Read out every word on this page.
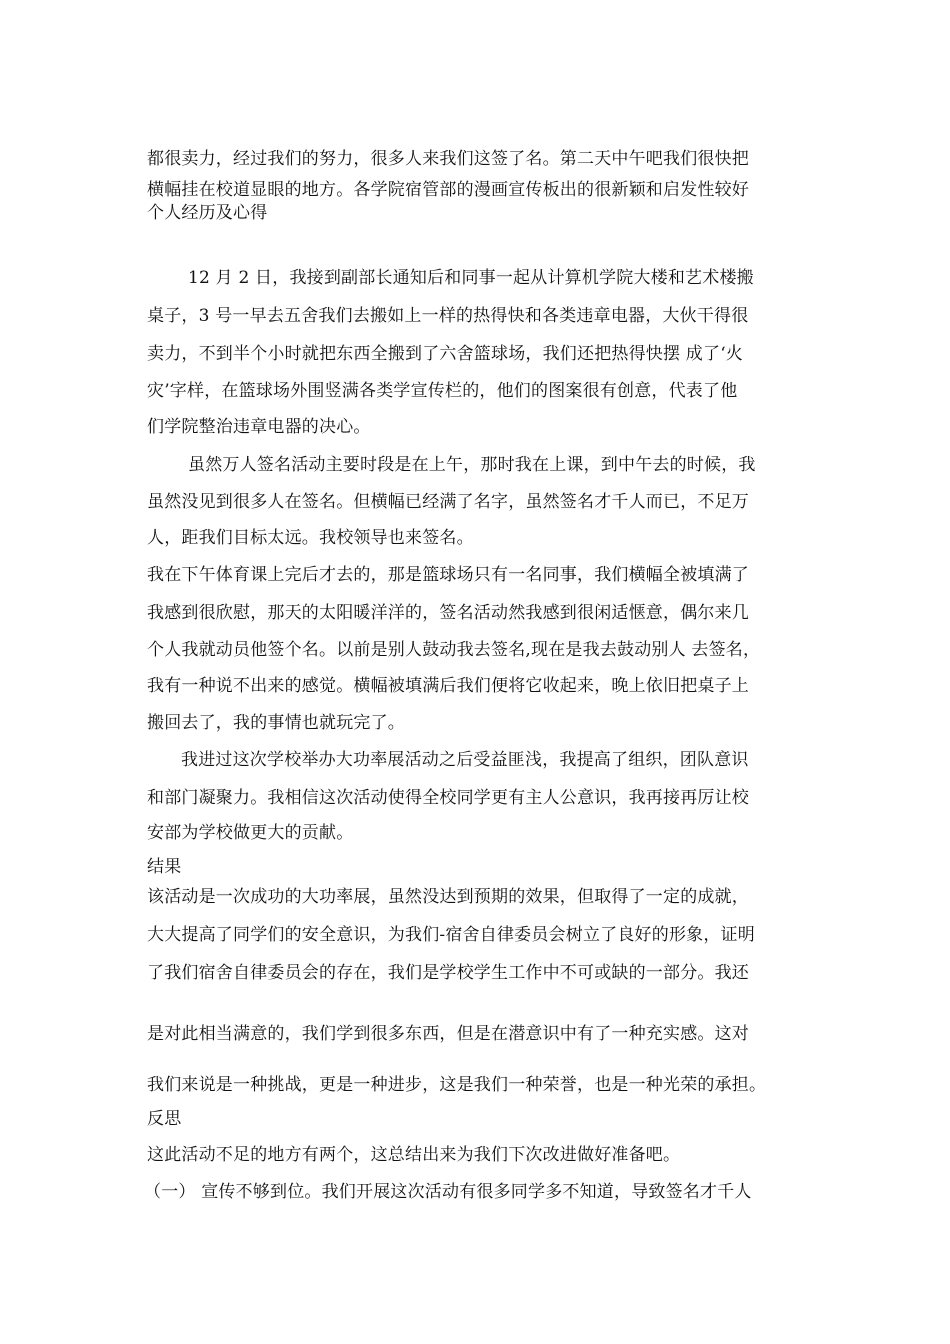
都很卖力，经过我们的努力，很多人来我们这签了名。第二天中午吧我们很快把
横幅挂在校道显眼的地方。各学院宿管部的漫画宣传板出的很新颖和启发性较好
个人经历及心得
12 月 2 日，我接到副部长通知后和同事一起从计算机学院大楼和艺术楼搬
桌子，3 号一早去五舍我们去搬如上一样的热得快和各类违章电器，大伙干得很
卖力，不到半个小时就把东西全搬到了六舍篮球场，我们还把热得快摆 成了‘火
灾’字样，在篮球场外围竖满各类学宣传栏的，他们的图案很有创意，代表了他
们学院整治违章电器的决心。
虽然万人签名活动主要时段是在上午，那时我在上课，到中午去的时候，我
虽然没见到很多人在签名。但横幅已经满了名字，虽然签名才千人而已，不足万
人，距我们目标太远。我校领导也来签名。
我在下午体育课上完后才去的，那是篮球场只有一名同事，我们横幅全被填满了
我感到很欣慰，那天的太阳暖洋洋的，签名活动然我感到很闲适惬意，偶尔来几
个人我就动员他签个名。以前是别人鼓动我去签名,现在是我去鼓动别人 去签名，
我有一种说不出来的感觉。横幅被填满后我们便将它收起来，晚上依旧把桌子上
搬回去了，我的事情也就玩完了。
我进过这次学校举办大功率展活动之后受益匪浅，我提高了组织，团队意识
和部门凝聚力。我相信这次活动使得全校同学更有主人公意识，我再接再厉让校
安部为学校做更大的贡献。
结果
该活动是一次成功的大功率展，虽然没达到预期的效果，但取得了一定的成就，
大大提高了同学们的安全意识，为我们-宿舍自律委员会树立了良好的形象，证明
了我们宿舍自律委员会的存在，我们是学校学生工作中不可或缺的一部分。我还
是对此相当满意的，我们学到很多东西，但是在潜意识中有了一种充实感。这对
我们来说是一种挑战，更是一种进步，这是我们一种荣誉，也是一种光荣的承担。
反思
这此活动不足的地方有两个，这总结出来为我们下次改进做好准备吧。
（一） 宣传不够到位。我们开展这次活动有很多同学多不知道，导致签名才千人
